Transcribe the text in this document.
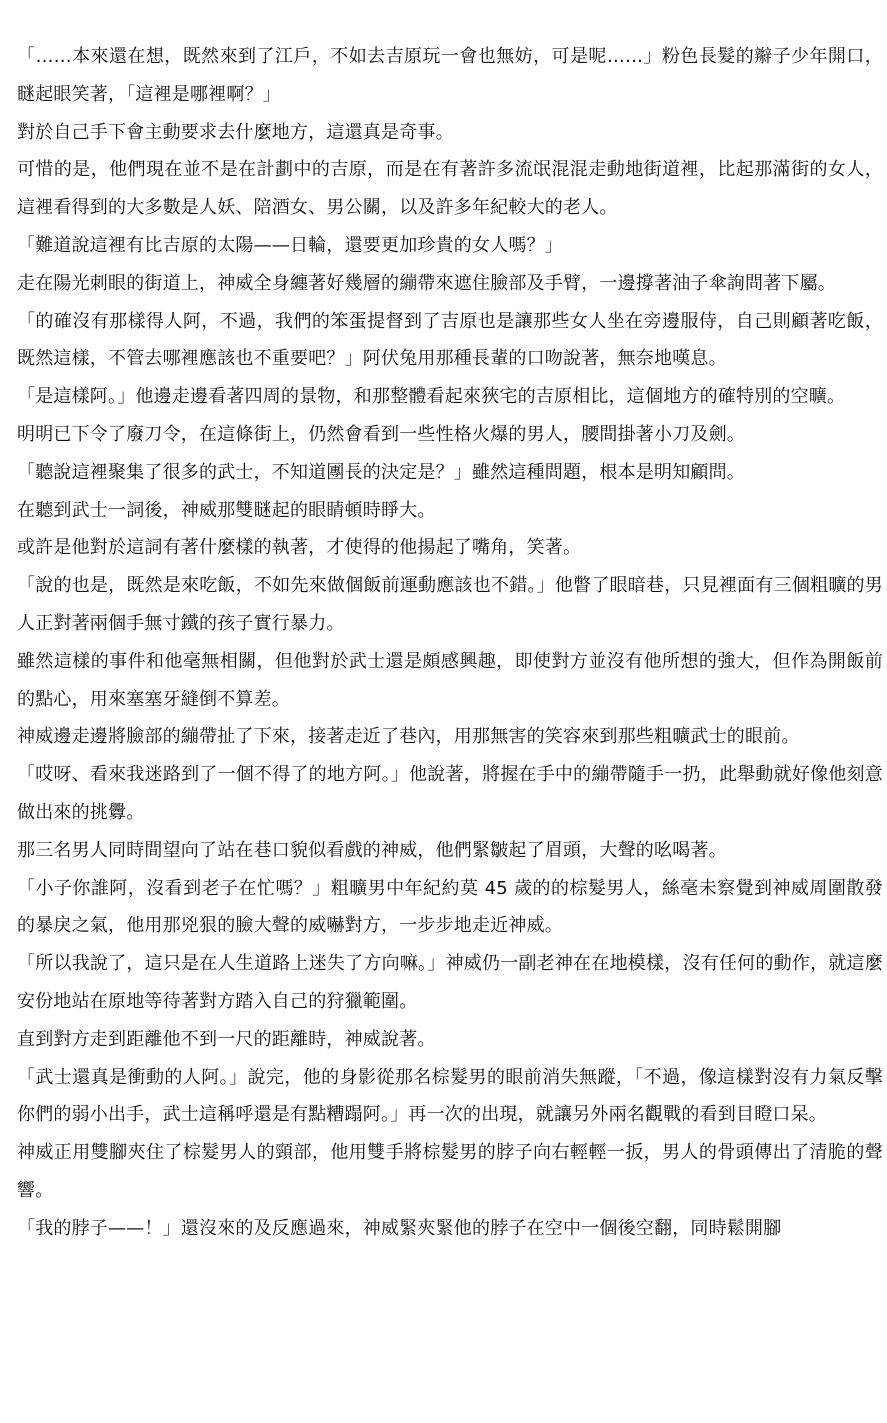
「……本來還在想，既然來到了江戶，不如去吉原玩一會也無妨，可是呢……」粉色長髮的辮子少年開口，瞇起眼笑著，「這裡是哪裡啊？」

對於自己手下會主動要求去什麼地方，這還真是奇事。

可惜的是，他們現在並不是在計劃中的吉原，而是在有著許多流氓混混走動地街道裡，比起那滿街的女人，這裡看得到的大多數是人妖、陪酒女、男公關，以及許多年紀較大的老人。

「難道說這裡有比吉原的太陽——日輪，還要更加珍貴的女人嗎？」

走在陽光刺眼的街道上，神威全身纏著好幾層的繃帶來遮住臉部及手臂，一邊撐著油子傘詢問著下屬。

「的確沒有那樣得人阿，不過，我們的笨蛋提督到了吉原也是讓那些女人坐在旁邊服侍，自己則顧著吃飯，既然這樣，不管去哪裡應該也不重要吧？」阿伏兔用那種長輩的口吻說著，無奈地嘆息。

「是這樣阿。」他邊走邊看著四周的景物，和那整體看起來狹宅的吉原相比，這個地方的確特別的空曠。

明明已下令了廢刀令，在這條街上，仍然會看到一些性格火爆的男人，腰間掛著小刀及劍。

「聽說這裡聚集了很多的武士，不知道團長的決定是？」雖然這種問題，根本是明知顧問。

在聽到武士一詞後，神威那雙瞇起的眼睛頓時睜大。

或許是他對於這詞有著什麼樣的執著，才使得的他揚起了嘴角，笑著。

「說的也是，既然是來吃飯，不如先來做個飯前運動應該也不錯。」他瞥了眼暗巷，只見裡面有三個粗曠的男人正對著兩個手無寸鐵的孩子實行暴力。

雖然這樣的事件和他毫無相關，但他對於武士還是頗感興趣，即使對方並沒有他所想的強大，但作為開飯前的點心，用來塞塞牙縫倒不算差。

神威邊走邊將臉部的繃帶扯了下來，接著走近了巷內，用那無害的笑容來到那些粗曠武士的眼前。

「哎呀、看來我迷路到了一個不得了的地方阿。」他說著，將握在手中的繃帶隨手一扔，此舉動就好像他刻意做出來的挑釁。

那三名男人同時間望向了站在巷口貌似看戲的神威，他們緊皺起了眉頭，大聲的吆喝著。

「小子你誰阿，沒看到老子在忙嗎？」粗曠男中年紀約莫 45 歲的的棕髮男人，絲毫未察覺到神威周圍散發的暴戾之氣，他用那兇狠的臉大聲的威嚇對方，一步步地走近神威。

「所以我說了，這只是在人生道路上迷失了方向嘛。」神威仍一副老神在在地模樣，沒有任何的動作，就這麼安份地站在原地等待著對方踏入自己的狩獵範圍。

直到對方走到距離他不到一尺的距離時，神威說著。

「武士還真是衝動的人阿。」說完，他的身影從那名棕髮男的眼前消失無蹤，「不過，像這樣對沒有力氣反擊你們的弱小出手，武士這稱呼還是有點糟蹋阿。」再一次的出現，就讓另外兩名觀戰的看到目瞪口呆。

神威正用雙腳夾住了棕髮男人的頸部，他用雙手將棕髮男的脖子向右輕輕一扳，男人的骨頭傳出了清脆的聲響。

「我的脖子——！」還沒來的及反應過來，神威緊夾緊他的脖子在空中一個後空翻，同時鬆開腳
